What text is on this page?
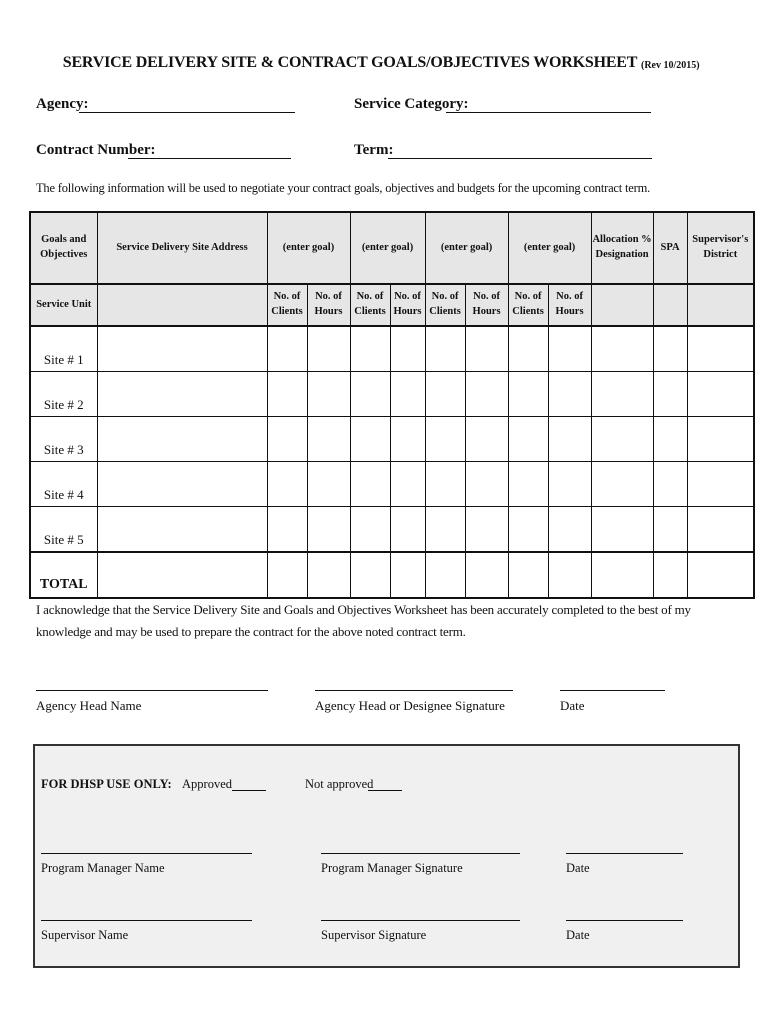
SERVICE DELIVERY SITE & CONTRACT GOALS/OBJECTIVES WORKSHEET (Rev 10/2015)
Agency:	Service Category:
Contract Number:	Term:
The following information will be used to negotiate your contract goals, objectives and budgets for the upcoming contract term.
Goals and Objectives	Service Delivery Site Address	(enter goal)		(enter goal)		(enter goal)		(enter goal)		Allocation % Designation	SPA	Supervisor's District
Service Unit		No. of Clients	No. of Hours	No. of Clients	No. of Hours	No. of Clients	No. of Hours	No. of Clients	No. of Hours			
Site # 1												
Site # 2												
Site # 3												
Site # 4												
Site # 5												
TOTAL												
I acknowledge that the Service Delivery Site and Goals and Objectives Worksheet has been accurately completed to the best of my knowledge and may be used to prepare the contract for the above noted contract term.
Agency Head Name	Agency Head or Designee Signature	Date
FOR DHSP USE ONLY: Approved	Not approved
Program Manager Name	Program Manager Signature	Date
Supervisor Name	Supervisor Signature	Date
